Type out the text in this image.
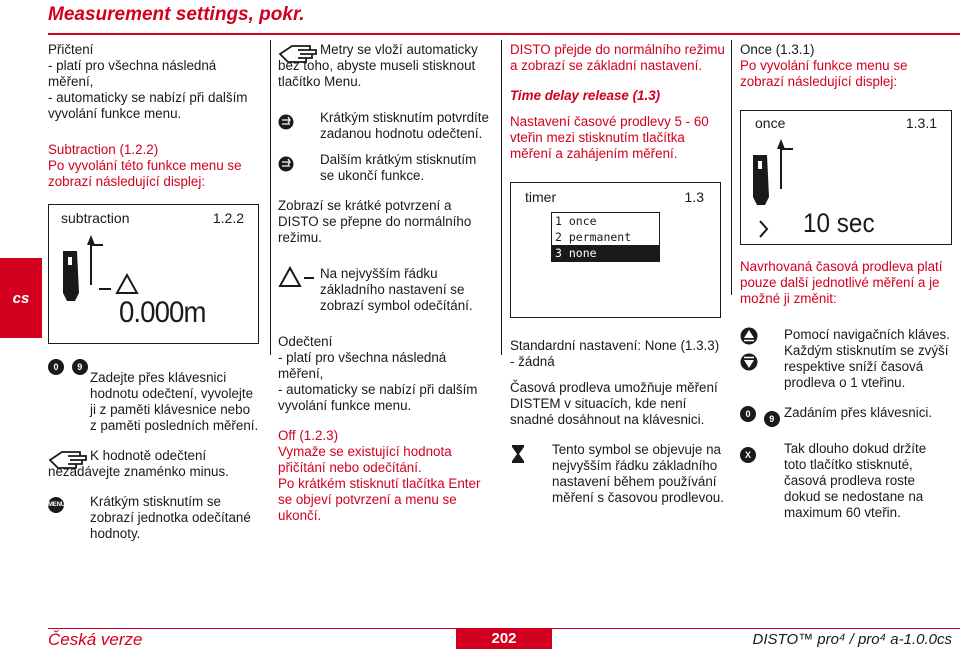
Measurement settings, pokr.
cs

Přičtení

- platí pro všechna následná měření,

- automaticky se nabízí při dalším vyvolání funkce menu.

Subtraction (1.2.2)

Po vyvolání této funkce menu se zobrazí následující displej:

subtraction	1.2.2
0.000m
0 9
Zadejte přes klávesnici hodnotu odečtení, vyvolejte ji z paměti klávesnice nebo z paměti posledních měření.
K hodnotě odečtení nezadávejte znaménko minus.
MENU	Krátkým stisknutím se zobrazí jednotka odečítané hodnoty.
Metry se vloží automaticky bez toho, abyste museli stisknout tlačítko Menu.
Krátkým stisknutím potvrdíte zadanou hodnotu odečtení.
Dalším krátkým stisknutím se ukončí funkce.

Zobrazí se krátké potvrzení a DISTO se přepne do normálního režimu.

Na nejvyšším řádku základního nastavení se zobrazí symbol odečítání.

Odečtení

- platí pro všechna následná měření,

- automaticky se nabízí při dalším vyvolání funkce menu.

Off (1.2.3)

Vymaže se existující hodnota přičítání nebo odečítání.

Po krátkém stisknutí tlačítka Enter se objeví potvrzení a menu se ukončí.

DISTO přejde do normálního režimu a zobrazí se základní nastavení.

Time delay release (1.3)

Nastavení časové prodlevy 5 - 60 vteřin mezi stisknutím tlačítka měření a zahájením měření.

timer	1.3
1 once
2 permanent
3 none

Standardní nastavení: None (1.3.3) - žádná

Časová prodleva umožňuje měření DISTEM v situacích, kde není snadné dosáhnout na klávesnici.

Tento symbol se objevuje na nejvyšším řádku základního nastavení během používání měření s časovou prodlevou.

Once (1.3.1)

Po vyvolání funkce menu se zobrazí následující displej:

once	1.3.1
10 sec

Navrhovaná časová prodleva platí pouze další jednotlivé měření a je možné ji změnit:

Pomocí navigačních kláves. Každým stisknutím se zvýší respektive sníží časová prodleva o 1 vteřinu.
0 9 Zadáním přes klávesnici.
X	Tak dlouho dokud držíte toto tlačítko stisknuté, časová prodleva roste dokud se nedostane na maximum 60 vteřin.
Česká verze	202	DISTO™ pro⁴ / pro⁴ a-1.0.0cs
